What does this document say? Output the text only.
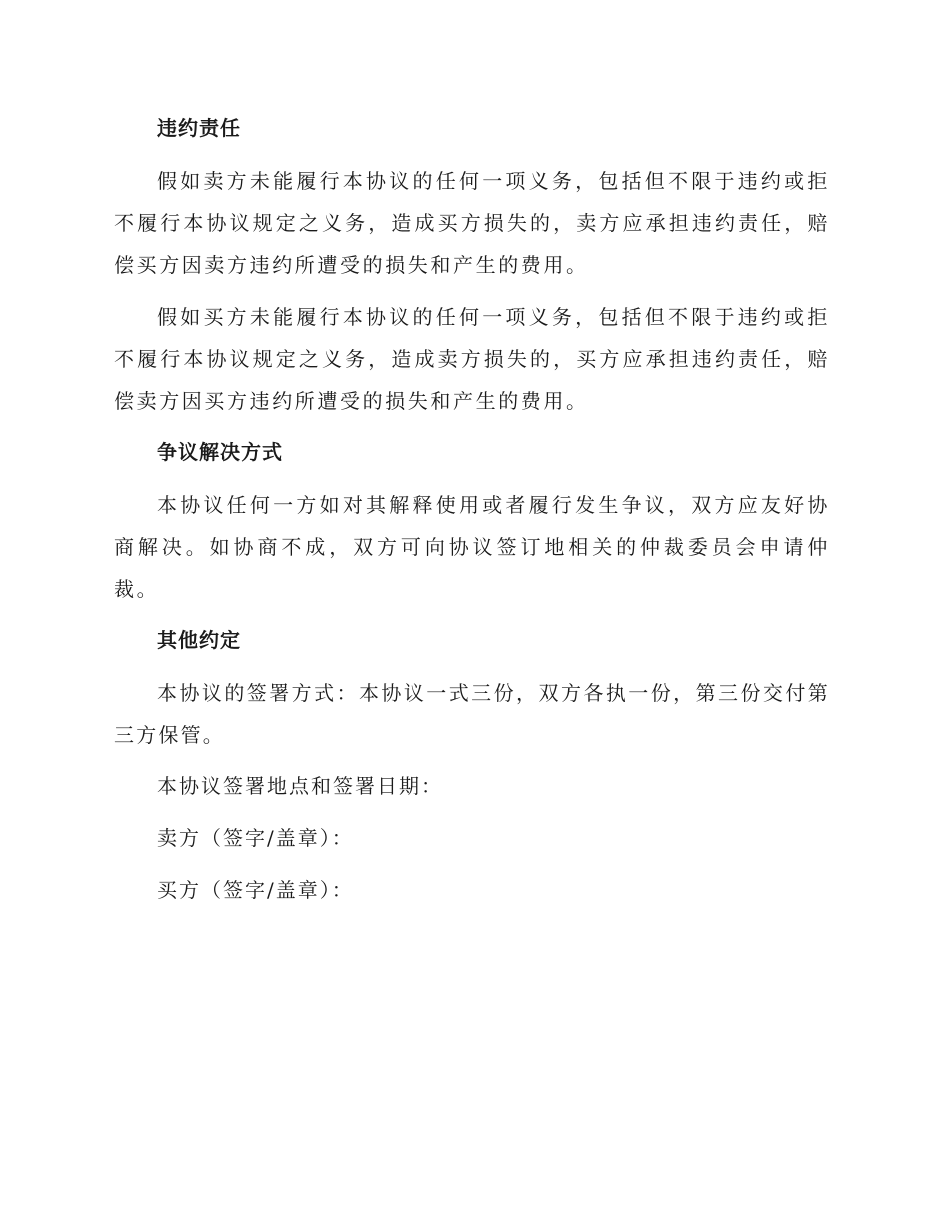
违约责任

假如卖方未能履行本协议的任何一项义务，包括但不限于违约或拒不履行本协议规定之义务，造成买方损失的，卖方应承担违约责任，赔偿买方因卖方违约所遭受的损失和产生的费用。

假如买方未能履行本协议的任何一项义务，包括但不限于违约或拒不履行本协议规定之义务，造成卖方损失的，买方应承担违约责任，赔偿卖方因买方违约所遭受的损失和产生的费用。

争议解决方式

本协议任何一方如对其解释使用或者履行发生争议，双方应友好协商解决。如协商不成，双方可向协议签订地相关的仲裁委员会申请仲裁。

其他约定

本协议的签署方式：本协议一式三份，双方各执一份，第三份交付第三方保管。

本协议签署地点和签署日期：
卖方（签字/盖章）：
买方（签字/盖章）：
